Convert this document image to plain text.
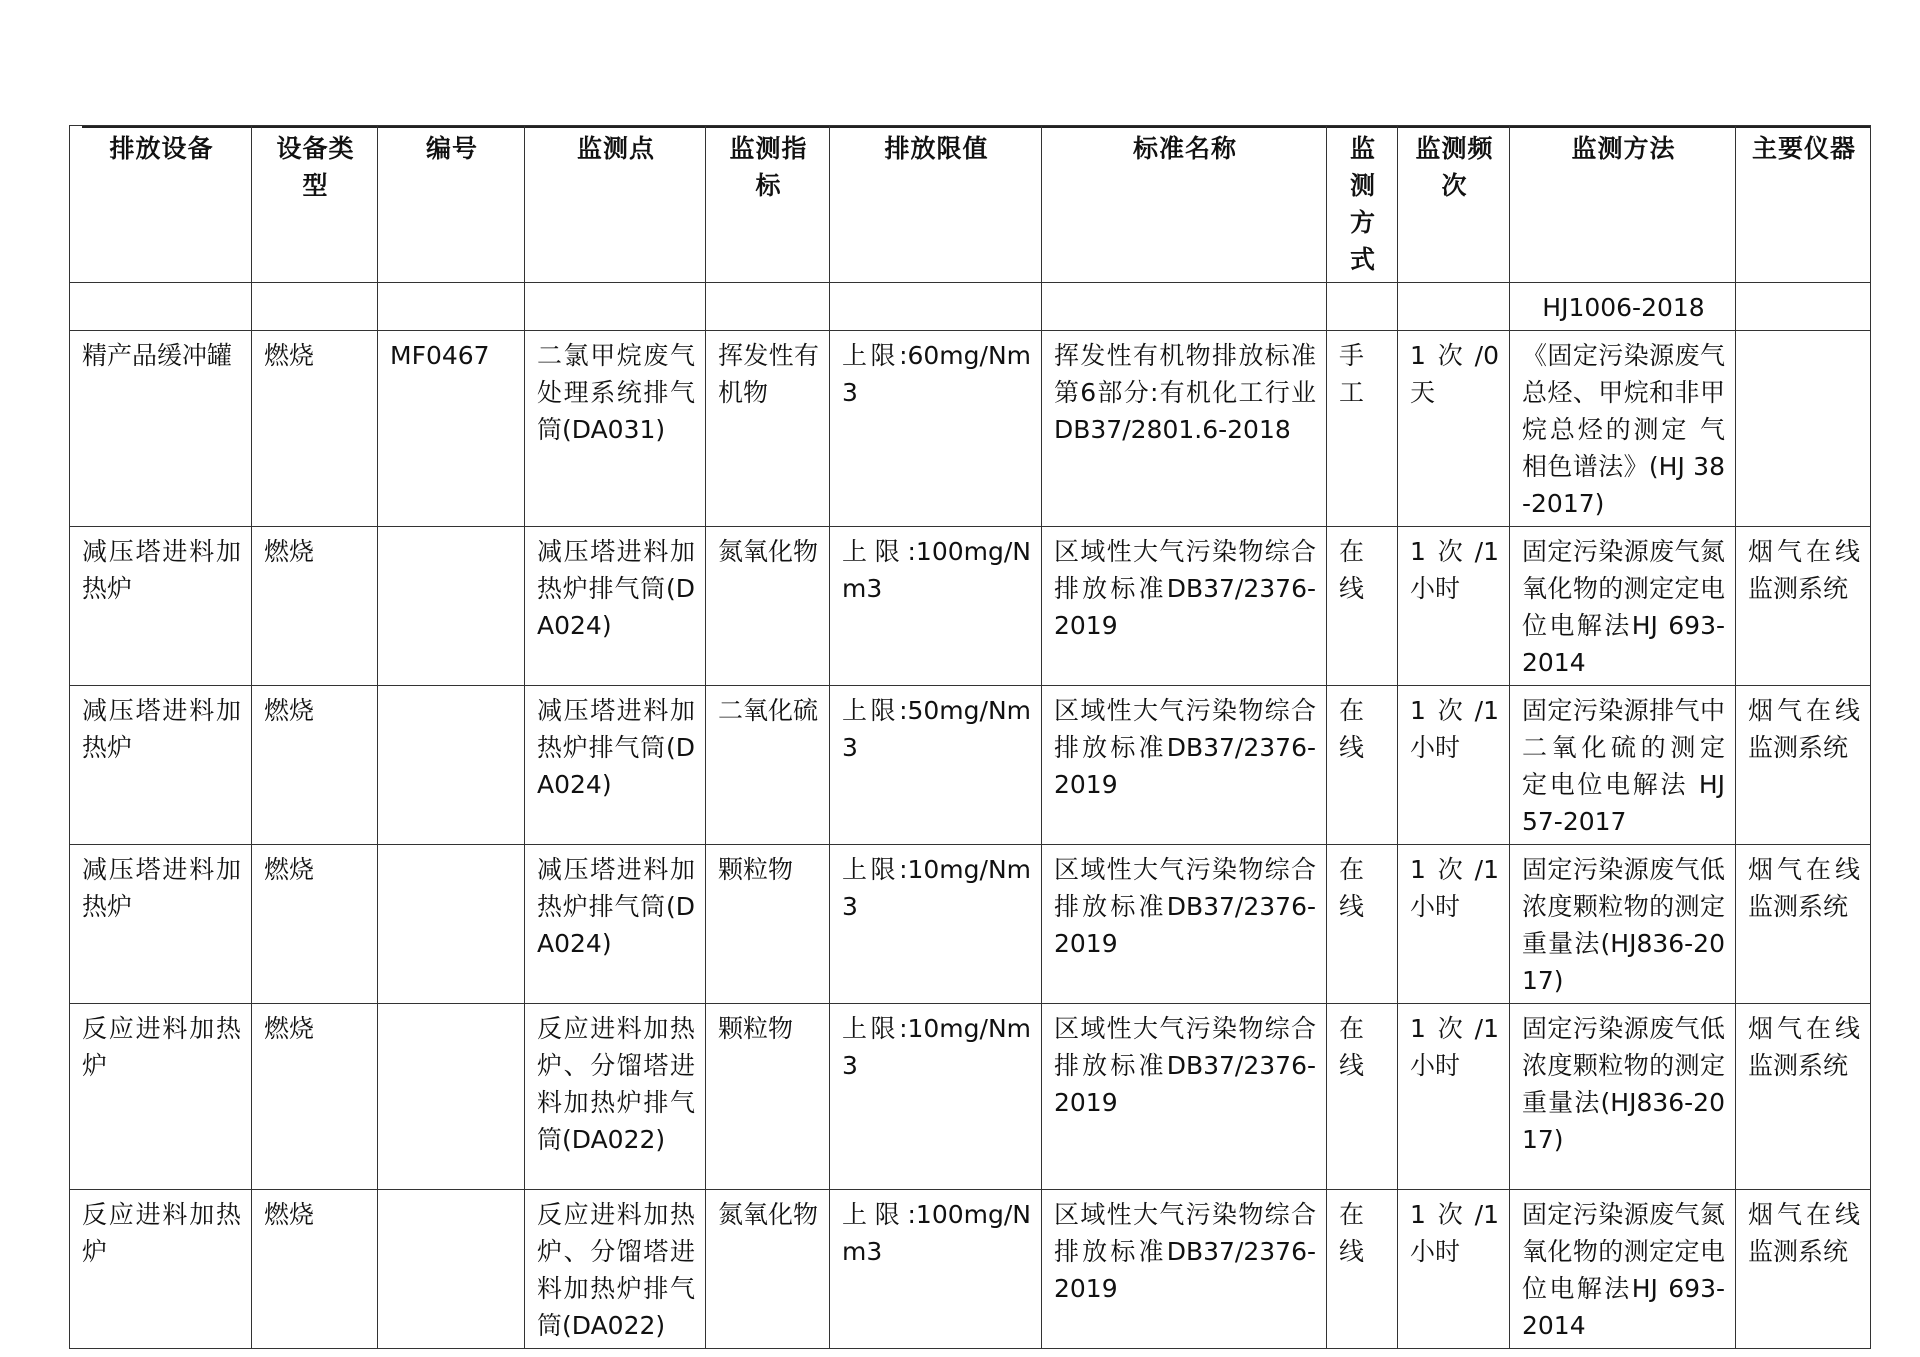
排放设备	设备类型	编号	监测点	监测指标	排放限值	标准名称	监测方式	监测频次	监测方法	主要仪器
									HJ1006-2018	
精产品缓冲罐	燃烧	MF0467	二氯甲烷废气处理系统排气筒(DA031)	挥发性有机物	上限:60mg/Nm3	挥发性有机物排放标准第6部分:有机化工行业DB37/2801.6-2018	手工	1次/0天	《固定污染源废气 总烃、甲烷和非甲烷总烃的测定 气相色谱法》(HJ 38-2017)	
减压塔进料加热炉	燃烧		减压塔进料加热炉排气筒(DA024)	氮氧化物	上限:100mg/Nm3	区域性大气污染物综合排放标准DB37/2376-2019	在线	1次/1小时	固定污染源废气氮氧化物的测定定电位电解法HJ 693-2014	烟气在线监测系统
减压塔进料加热炉	燃烧		减压塔进料加热炉排气筒(DA024)	二氧化硫	上限:50mg/Nm3	区域性大气污染物综合排放标准DB37/2376-2019	在线	1次/1小时	固定污染源排气中二氧化硫的测定 定电位电解法 HJ 57-2017	烟气在线监测系统
减压塔进料加热炉	燃烧		减压塔进料加热炉排气筒(DA024)	颗粒物	上限:10mg/Nm3	区域性大气污染物综合排放标准DB37/2376-2019	在线	1次/1小时	固定污染源废气低浓度颗粒物的测定 重量法(HJ836-2017)	烟气在线监测系统
反应进料加热炉	燃烧		反应进料加热炉、分馏塔进料加热炉排气筒(DA022)	颗粒物	上限:10mg/Nm3	区域性大气污染物综合排放标准DB37/2376-2019	在线	1次/1小时	固定污染源废气低浓度颗粒物的测定 重量法(HJ836-2017)	烟气在线监测系统
反应进料加热炉	燃烧		反应进料加热炉、分馏塔进料加热炉排气筒(DA022)	氮氧化物	上限:100mg/Nm3	区域性大气污染物综合排放标准DB37/2376-2019	在线	1次/1小时	固定污染源废气氮氧化物的测定定电位电解法HJ 693-2014	烟气在线监测系统
